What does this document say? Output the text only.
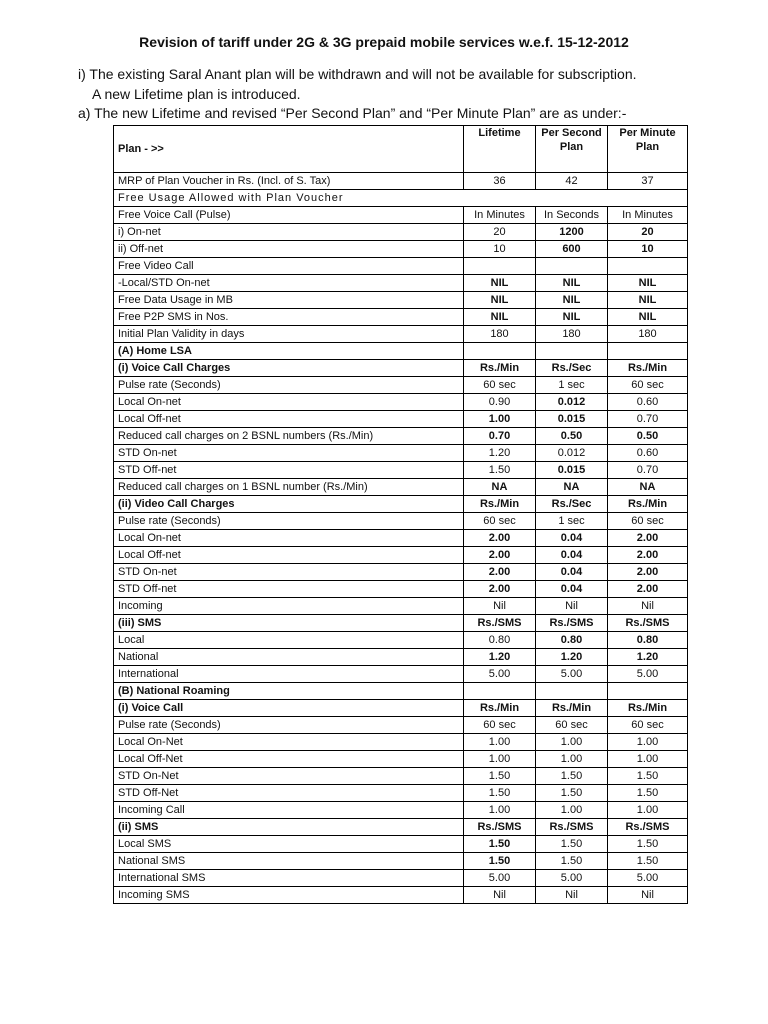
Revision of tariff under 2G & 3G prepaid mobile services w.e.f. 15-12-2012
i) The existing Saral Anant plan will be withdrawn and will not be available for subscription.
A new Lifetime plan is introduced.
a) The new Lifetime and revised “Per Second Plan” and “Per Minute Plan” are as under:-
Plan - >>	Lifetime	Per Second Plan	Per Minute Plan
MRP of Plan Voucher in Rs. (Incl. of S. Tax)	36	42	37
Free Usage Allowed with Plan Voucher			
Free Voice Call (Pulse)	In Minutes	In Seconds	In Minutes
i) On-net	20	1200	20
ii) Off-net	10	600	10
Free Video Call			
-Local/STD On-net	NIL	NIL	NIL
Free Data Usage in MB	NIL	NIL	NIL
Free P2P SMS in Nos.	NIL	NIL	NIL
Initial Plan Validity in days	180	180	180
(A) Home LSA			
(i) Voice Call Charges	Rs./Min	Rs./Sec	Rs./Min
Pulse rate (Seconds)	60 sec	1 sec	60 sec
Local On-net	0.90	0.012	0.60
Local Off-net	1.00	0.015	0.70
Reduced call charges on 2 BSNL numbers (Rs./Min)	0.70	0.50	0.50
STD On-net	1.20	0.012	0.60
STD Off-net	1.50	0.015	0.70
Reduced call charges on 1 BSNL number (Rs./Min)	NA	NA	NA
(ii) Video Call Charges	Rs./Min	Rs./Sec	Rs./Min
Pulse rate (Seconds)	60 sec	1 sec	60 sec
Local On-net	2.00	0.04	2.00
Local Off-net	2.00	0.04	2.00
STD On-net	2.00	0.04	2.00
STD Off-net	2.00	0.04	2.00
Incoming	Nil	Nil	Nil
(iii) SMS	Rs./SMS	Rs./SMS	Rs./SMS
Local	0.80	0.80	0.80
National	1.20	1.20	1.20
International	5.00	5.00	5.00
(B) National Roaming			
(i) Voice Call	Rs./Min	Rs./Min	Rs./Min
Pulse rate (Seconds)	60 sec	60 sec	60 sec
Local On-Net	1.00	1.00	1.00
Local Off-Net	1.00	1.00	1.00
STD On-Net	1.50	1.50	1.50
STD Off-Net	1.50	1.50	1.50
Incoming Call	1.00	1.00	1.00
(ii) SMS	Rs./SMS	Rs./SMS	Rs./SMS
Local SMS	1.50	1.50	1.50
National SMS	1.50	1.50	1.50
International SMS	5.00	5.00	5.00
Incoming SMS	Nil	Nil	Nil
